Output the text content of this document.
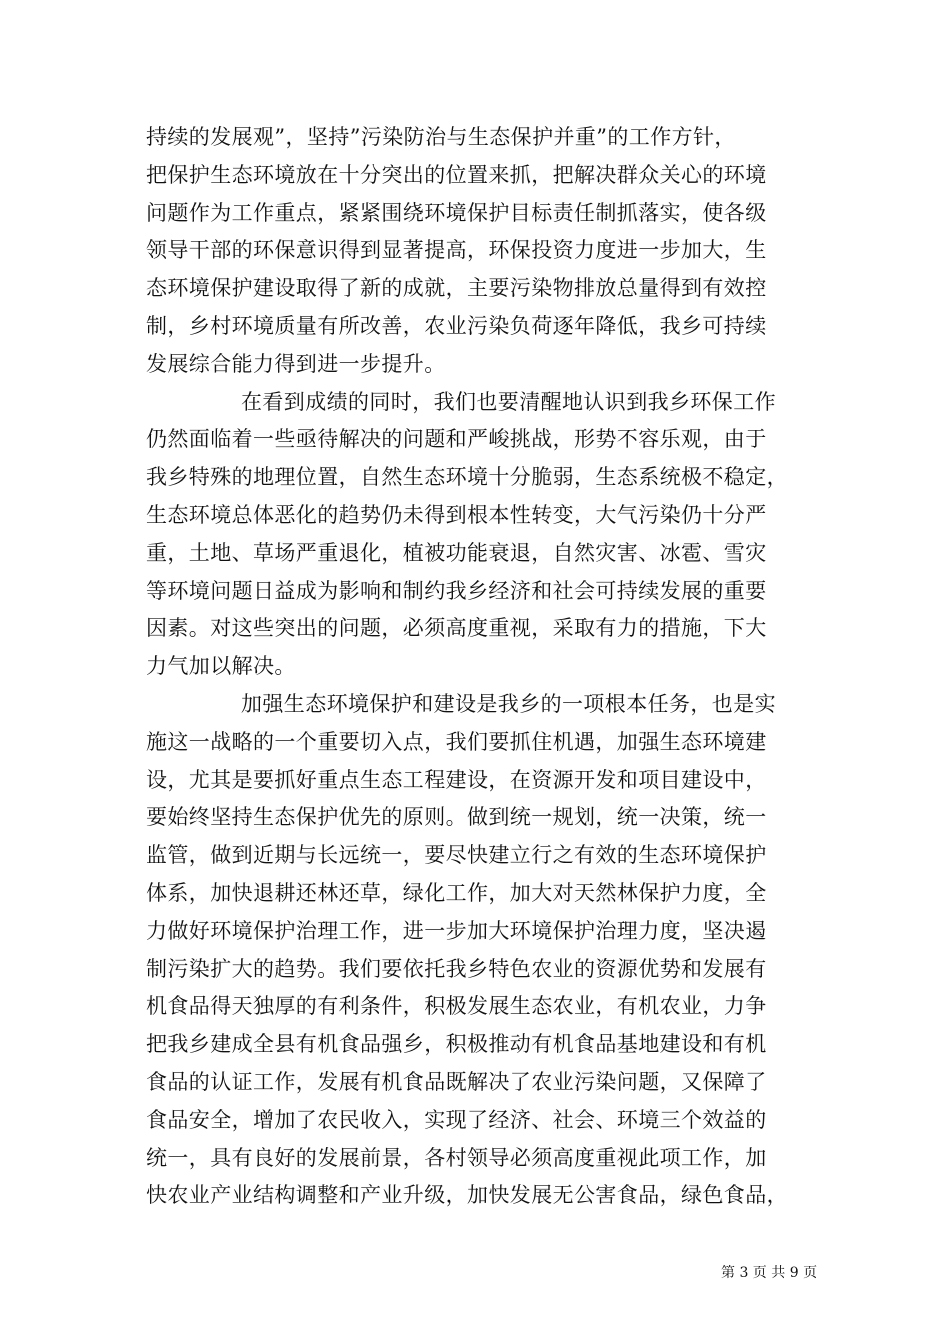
持续的发展观”，坚持”污染防治与生态保护并重”的工作方针，
把保护生态环境放在十分突出的位置来抓，把解决群众关心的环境
问题作为工作重点，紧紧围绕环境保护目标责任制抓落实，使各级
领导干部的环保意识得到显著提高，环保投资力度进一步加大，生
态环境保护建设取得了新的成就，主要污染物排放总量得到有效控
制，乡村环境质量有所改善，农业污染负荷逐年降低，我乡可持续
发展综合能力得到进一步提升。
在看到成绩的同时，我们也要清醒地认识到我乡环保工作
仍然面临着一些亟待解决的问题和严峻挑战，形势不容乐观，由于
我乡特殊的地理位置，自然生态环境十分脆弱，生态系统极不稳定，
生态环境总体恶化的趋势仍未得到根本性转变，大气污染仍十分严
重，土地、草场严重退化，植被功能衰退，自然灾害、冰雹、雪灾
等环境问题日益成为影响和制约我乡经济和社会可持续发展的重要
因素。对这些突出的问题，必须高度重视，采取有力的措施，下大
力气加以解决。
加强生态环境保护和建设是我乡的一项根本任务，也是实
施这一战略的一个重要切入点，我们要抓住机遇，加强生态环境建
设，尤其是要抓好重点生态工程建设，在资源开发和项目建设中，
要始终坚持生态保护优先的原则。做到统一规划，统一决策，统一
监管，做到近期与长远统一，要尽快建立行之有效的生态环境保护
体系，加快退耕还林还草，绿化工作，加大对天然林保护力度，全
力做好环境保护治理工作，进一步加大环境保护治理力度，坚决遏
制污染扩大的趋势。我们要依托我乡特色农业的资源优势和发展有
机食品得天独厚的有利条件，积极发展生态农业，有机农业，力争
把我乡建成全县有机食品强乡，积极推动有机食品基地建设和有机
食品的认证工作，发展有机食品既解决了农业污染问题，又保障了
食品安全，增加了农民收入，实现了经济、社会、环境三个效益的
统一，具有良好的发展前景，各村领导必须高度重视此项工作，加
快农业产业结构调整和产业升级，加快发展无公害食品，绿色食品，
第 3 页 共 9 页
